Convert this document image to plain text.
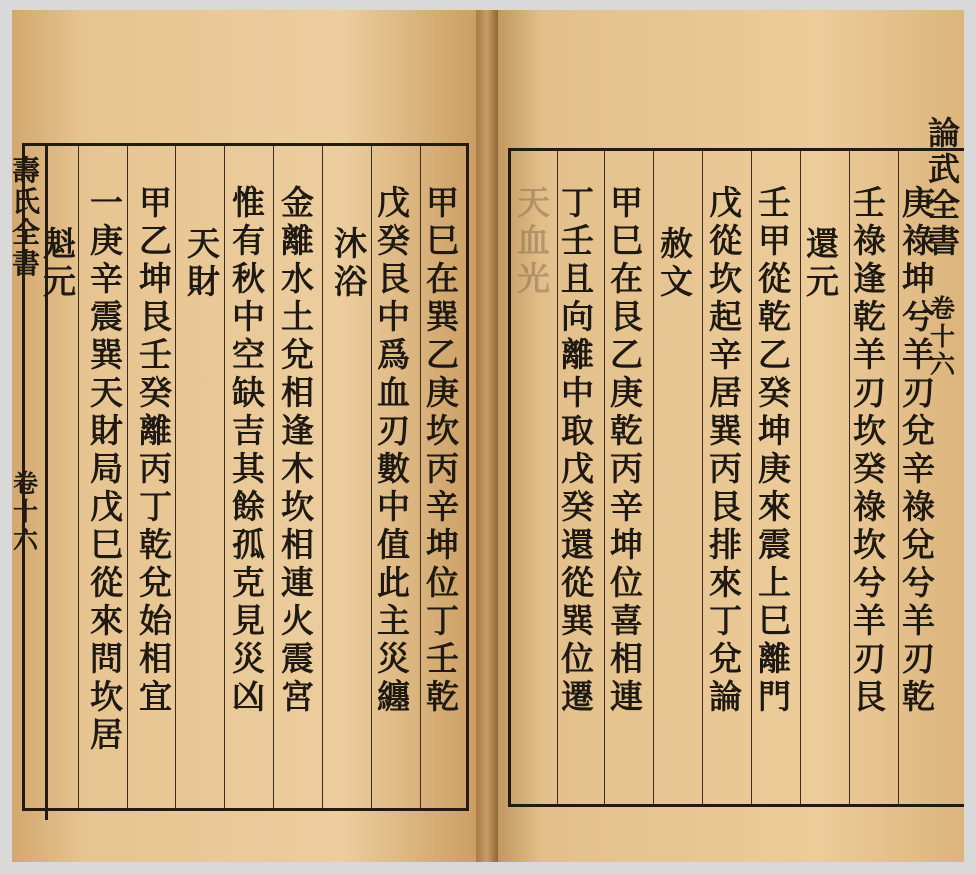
壽氏全書
卷十六
論武全書
卷十六
甲
巳
在
巽
乙
庚
坎
丙
辛
坤
位
丁
壬
乾
戊
癸
艮
中
爲
血
刃
數
中
值
此
主
災
纏
沐
浴
金
離
水
土
兌
相
逢
木
坎
相
連
火
震
宮
惟
有
秋
中
空
缺
吉
其
餘
孤
克
見
災
凶
天
財
甲
乙
坤
艮
壬
癸
離
丙
丁
乾
兌
始
相
宜
一
庚
辛
震
巽
天
財
局
戊
巳
從
來
問
坎
居
魁
元
庚
祿
坤
兮
羊
刃
兌
辛
祿
兌
兮
羊
刃
乾
壬
祿
逢
乾
羊
刃
坎
癸
祿
坎
兮
羊
刃
艮
還
元
壬
甲
從
乾
乙
癸
坤
庚
來
震
上
巳
離
門
戊
從
坎
起
辛
居
巽
丙
艮
排
來
丁
兌
論
赦
文
甲
巳
在
艮
乙
庚
乾
丙
辛
坤
位
喜
相
連
丁
壬
且
向
離
中
取
戊
癸
還
從
巽
位
遷
天
血
光
